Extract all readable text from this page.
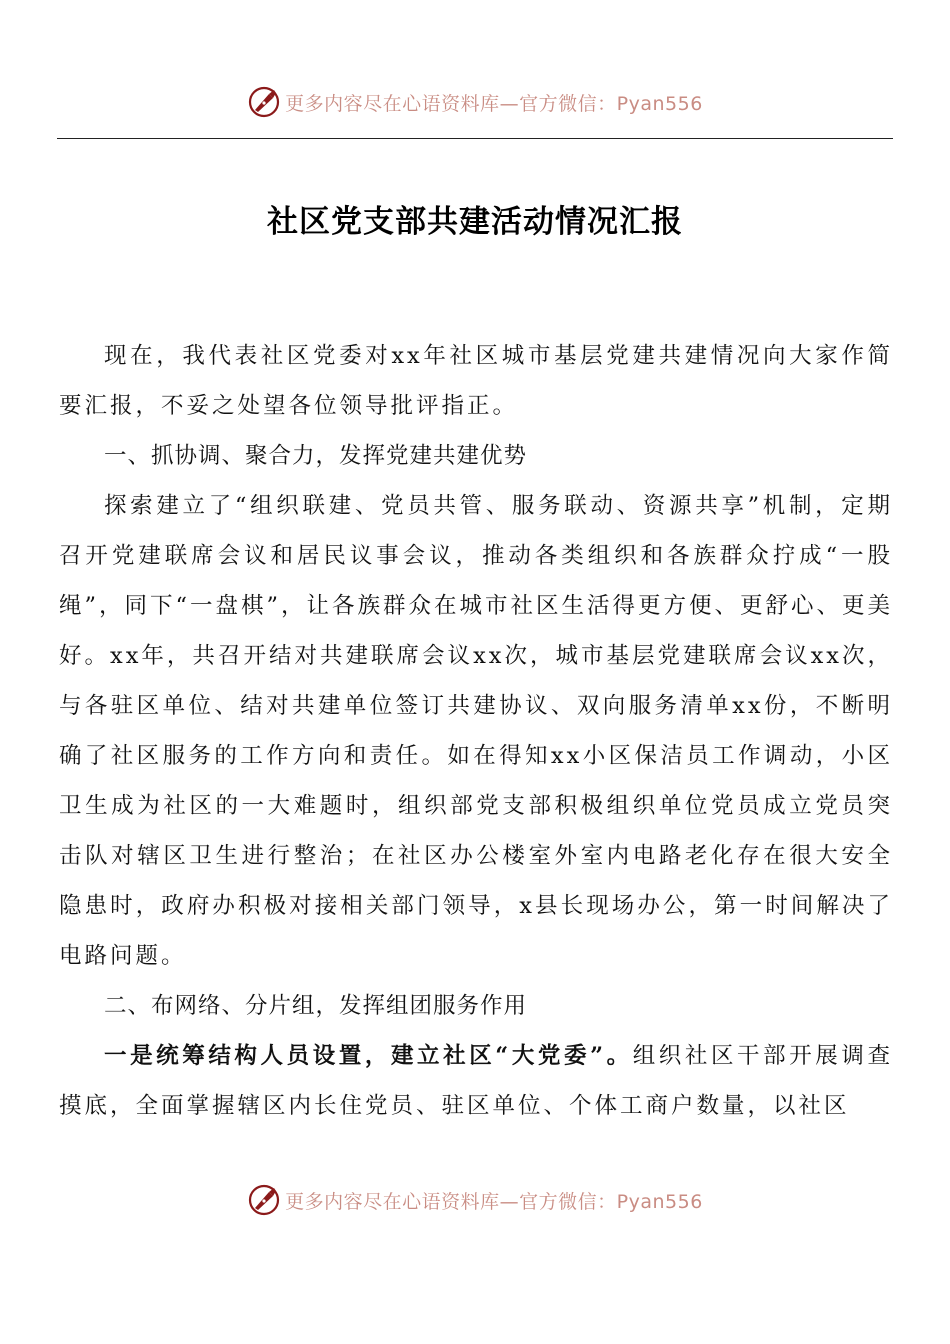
更多内容尽在心语资料库—官方微信：Pyan556
社区党支部共建活动情况汇报

现在，我代表社区党委对xx年社区城市基层党建共建情况向大家作简要汇报，不妥之处望各位领导批评指正。

一、抓协调、聚合力，发挥党建共建优势

探索建立了“组织联建、党员共管、服务联动、资源共享”机制，定期召开党建联席会议和居民议事会议，推动各类组织和各族群众拧成“一股绳”，同下“一盘棋”，让各族群众在城市社区生活得更方便、更舒心、更美好。xx年，共召开结对共建联席会议xx次，城市基层党建联席会议xx次，与各驻区单位、结对共建单位签订共建协议、双向服务清单xx份，不断明确了社区服务的工作方向和责任。如在得知xx小区保洁员工作调动，小区卫生成为社区的一大难题时，组织部党支部积极组织单位党员成立党员突击队对辖区卫生进行整治；在社区办公楼室外室内电路老化存在很大安全隐患时，政府办积极对接相关部门领导，x县长现场办公，第一时间解决了电路问题。

二、布网络、分片组，发挥组团服务作用

一是统筹结构人员设置，建立社区“大党委”。组织社区干部开展调查摸底，全面掌握辖区内长住党员、驻区单位、个体工商户数量，以社区

更多内容尽在心语资料库—官方微信：Pyan556
